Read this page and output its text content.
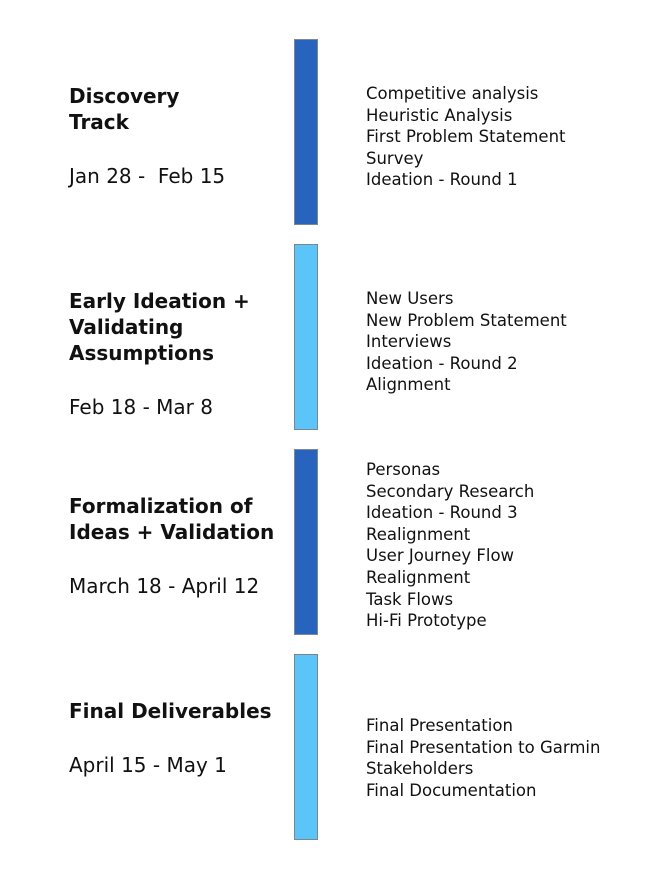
Discovery
Track

Jan 28 -  Feb 15

Competitive analysis
Heuristic Analysis
First Problem Statement
Survey
Ideation - Round 1
Early Ideation +
Validating
Assumptions

Feb 18 - Mar 8

New Users
New Problem Statement
Interviews
Ideation - Round 2
Alignment
Formalization of
Ideas + Validation

March 18 - April 12

Personas
Secondary Research
Ideation - Round 3
Realignment
User Journey Flow
Realignment
Task Flows
Hi-Fi Prototype
Final Deliverables

April 15 - May 1

Final Presentation
Final Presentation to Garmin
Stakeholders
Final Documentation
